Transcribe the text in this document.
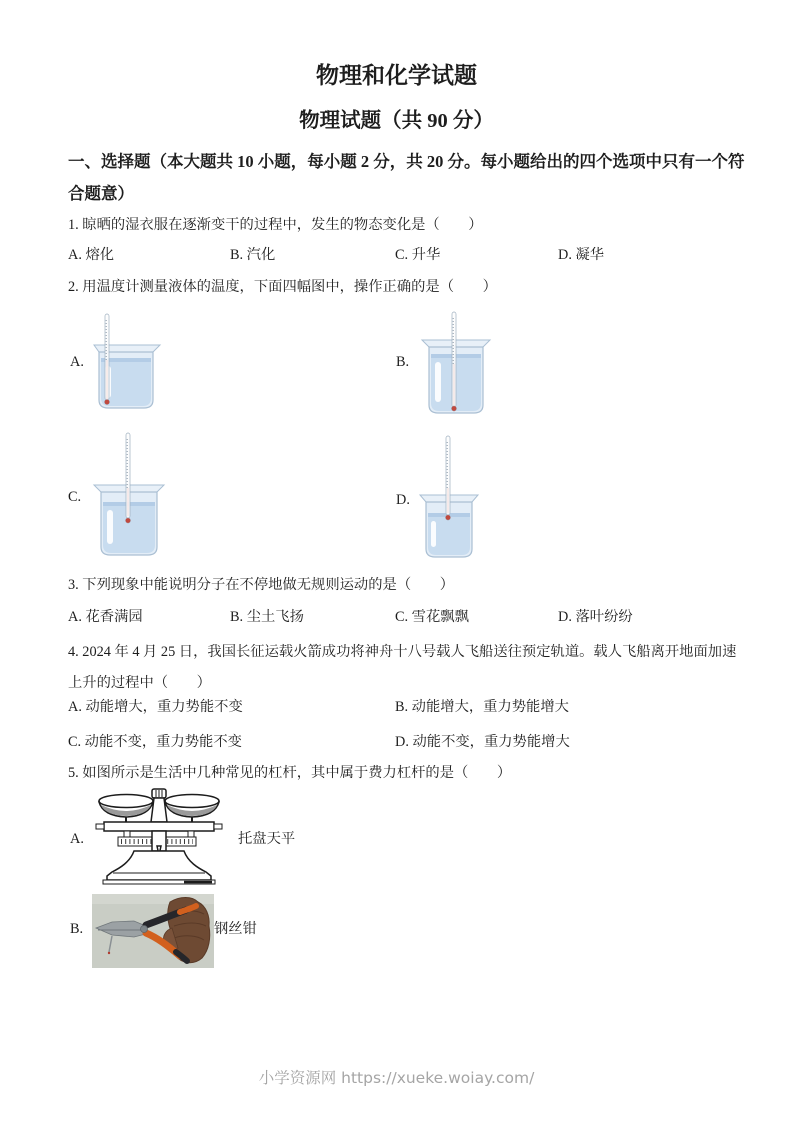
物理和化学试题
物理试题（共 90 分）
一、选择题（本大题共 10 小题，每小题 2 分，共 20 分。每小题给出的四个选项中只有一个符合题意）
1. 晾晒的湿衣服在逐渐变干的过程中，发生的物态变化是（　　）
A. 熔化	B. 汽化	C. 升华	D. 凝华
2. 用温度计测量液体的温度，下面四幅图中，操作正确的是（　　）
A.	B.
C.	D.
3. 下列现象中能说明分子在不停地做无规则运动的是（　　）
A. 花香满园	B. 尘土飞扬	C. 雪花飘飘	D. 落叶纷纷
4. 2024 年 4 月 25 日，我国长征运载火箭成功将神舟十八号载人飞船送往预定轨道。载人飞船离开地面加速上升的过程中（　　）
A. 动能增大，重力势能不变	B. 动能增大，重力势能增大
C. 动能不变，重力势能不变	D. 动能不变，重力势能增大
5. 如图所示是生活中几种常见的杠杆，其中属于费力杠杆的是（　　）
A.	托盘天平
B.	钢丝钳
小学资源网 https://xueke.woiay.com/
